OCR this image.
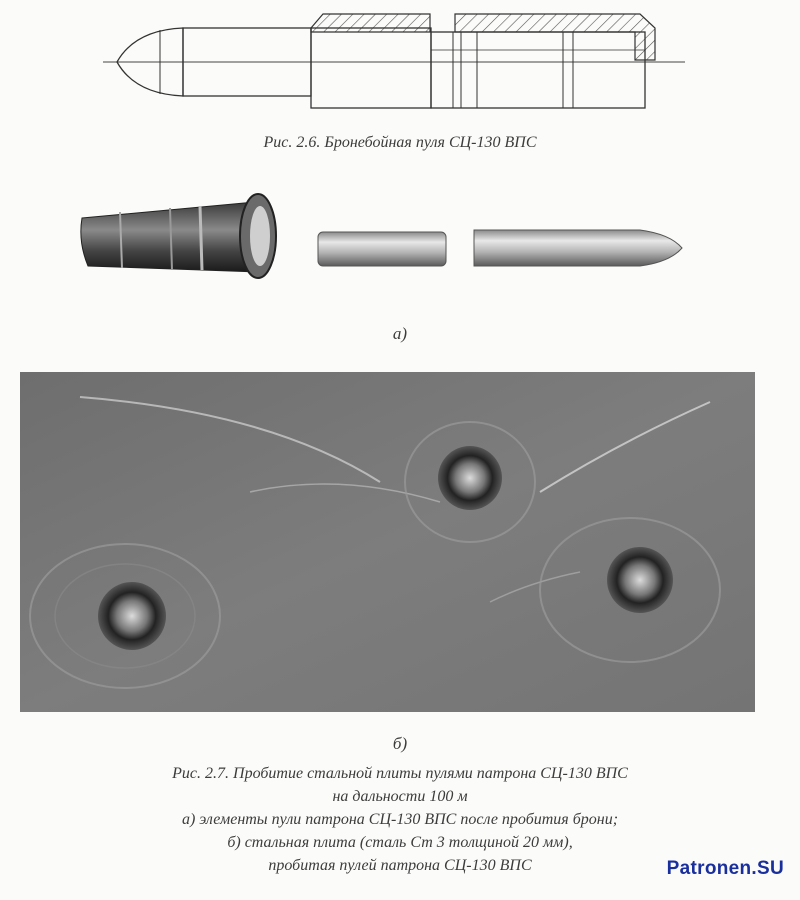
Рис. 2.6. Бронебойная пуля СЦ-130 ВПС
а)
б)
Рис. 2.7. Пробитие стальной плиты пулями патрона СЦ-130 ВПС
на дальности 100 м
а) элементы пули патрона СЦ-130 ВПС после пробития брони;
б) стальная плита (сталь Ст 3 толщиной 20 мм),
пробитая пулей патрона СЦ-130 ВПС	Patronen.SU
